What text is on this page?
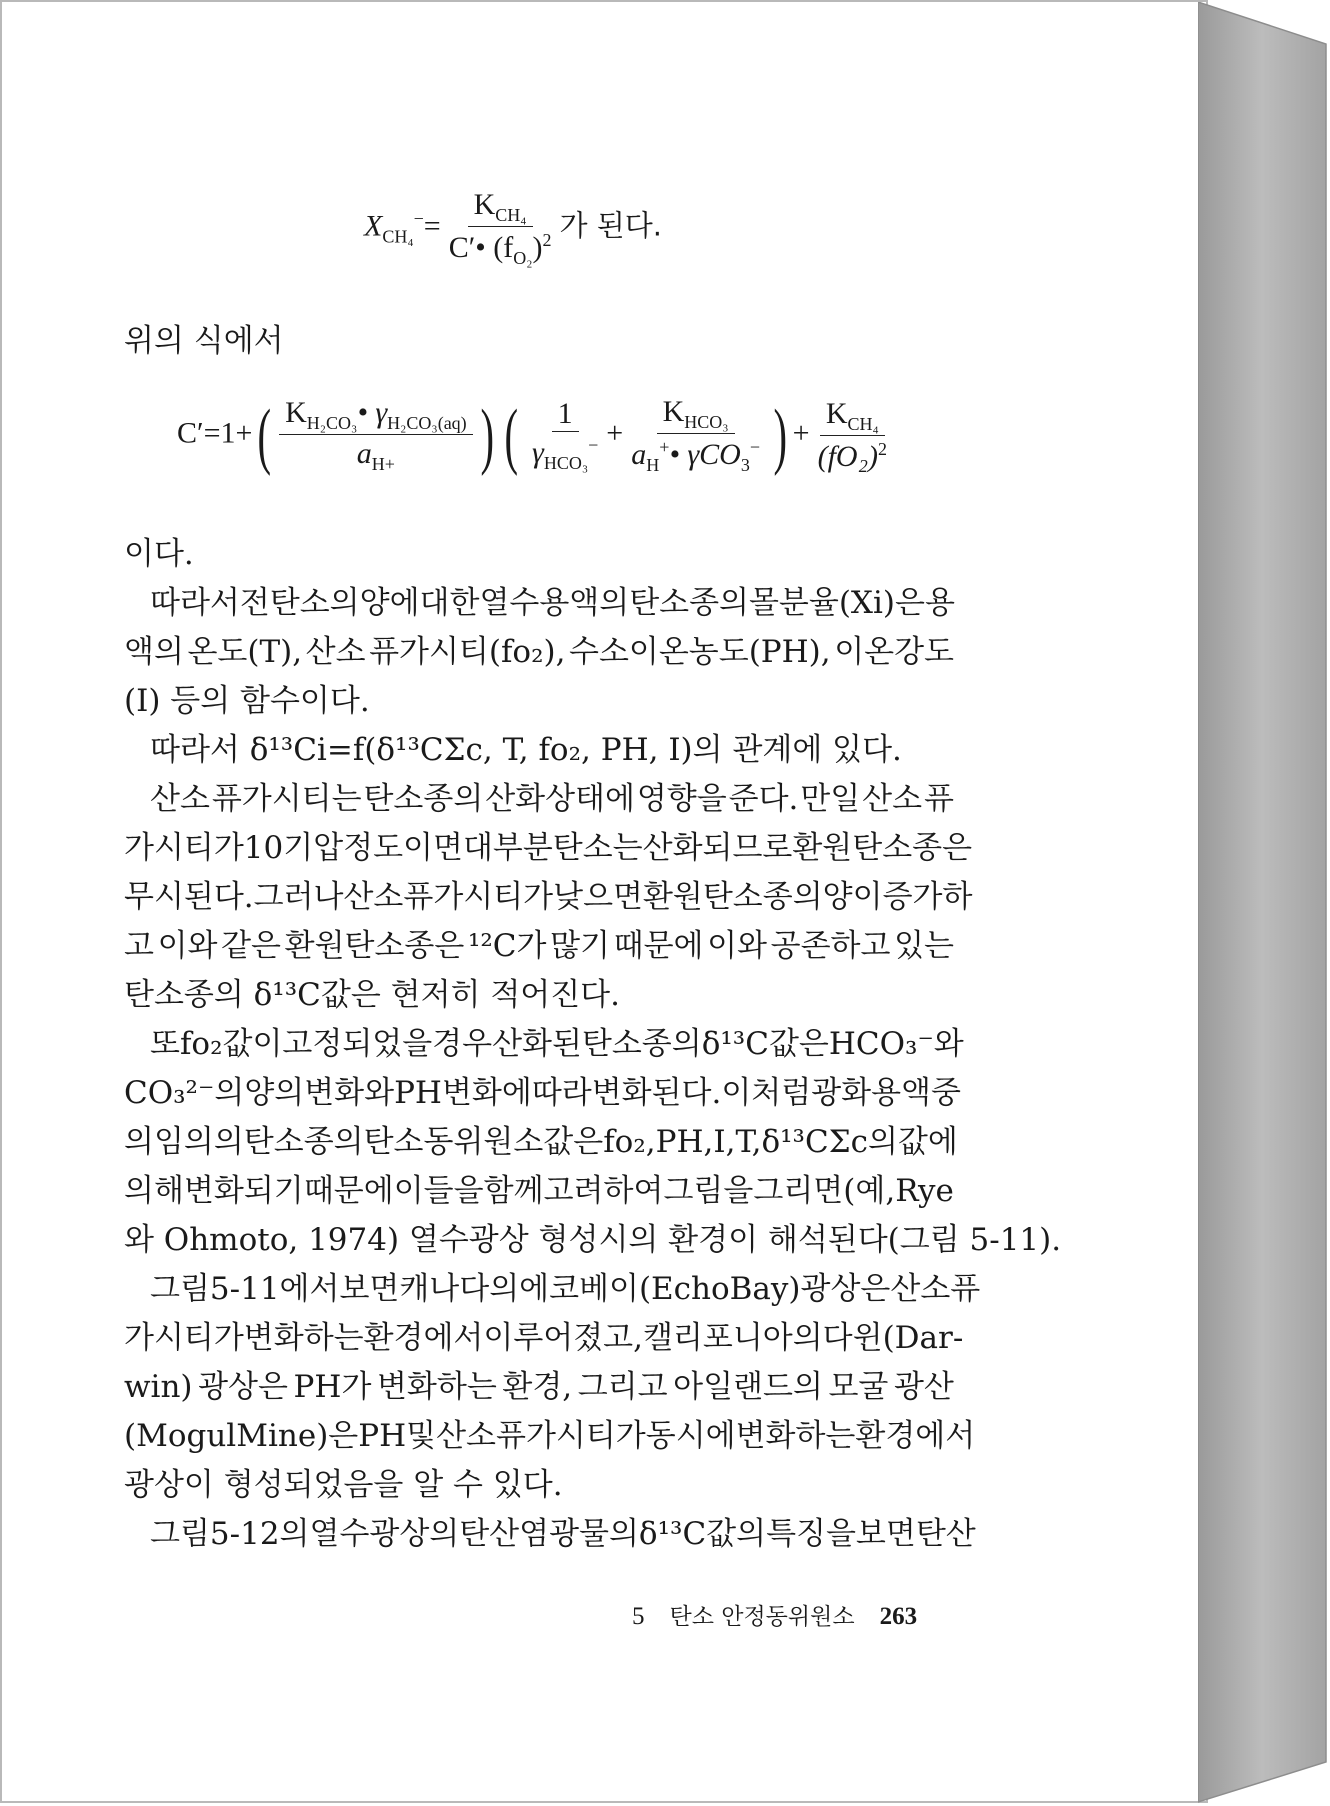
$X_{CH_4}^-= \frac{K_{CH_4}}{C'• (f_{O_2})^2}$ 가 된다.
$C'=1+( \frac{K_{H_2CO_3}• \gamma_{H_2CO_3(aq)}}{a_{H+}}$ ) ( $\frac{1}{\gamma_{HCO_3}^-} + \frac{K_{HCO_3}}{a_H^+• \gamma CO_3^-}$ ) + $\frac{K_{CH_4}}{(fO_2)^2}$
위의 식에서
이다.
따라서 전탄소의 양에 대한 열수용액의 탄소종의 몰분율(Xi)은 용
액의 온도(T), 산소 퓨가시티(fo₂), 수소이온농도(PH), 이온강도
(I) 등의 함수이다.
따라서 δ¹³Ci=f(δ¹³CΣc, T, fo₂, PH, I)의 관계에 있다.
산소 퓨가시티는 탄소종의 산화상태에 영향을 준다. 만일 산소 퓨
가시티가 10기압 정도이면 대부분 탄소는 산화되므로 환원탄소종은
무시된다. 그러나 산소 퓨가시티가 낮으면 환원탄소종의 양이 증가하
고 이와 같은 환원탄소종은 ¹²C가 많기 때문에 이와 공존하고 있는
탄소종의 δ¹³C값은 현저히 적어진다.
또 fo₂값이 고정되었을 경우 산화된 탄소종의 δ¹³C값은 HCO₃⁻와
CO₃²⁻의 양의 변화와 PH 변화에 따라 변화된다. 이처럼 광화용액 중
의 임의의 탄소종의 탄소 동위원소값은 fo₂, PH, I, T, δ¹³CΣc의 값에
의해 변화되기 때문에 이들을 함께 고려하여 그림을 그리면 (예, Rye
와 Ohmoto, 1974) 열수광상 형성시의 환경이 해석된다(그림 5-11).
그림 5-11에서 보면 캐나다의 에코베이(Echo Bay) 광상은 산소 퓨
가시티가 변화하는 환경에서 이루어졌고, 캘리포니아의 다윈(Dar-
win) 광상은 PH가 변화하는 환경, 그리고 아일랜드의 모굴 광산
(Mogul Mine)은 PH 및 산소 퓨가시티가 동시에 변화하는 환경에서
광상이 형성되었음을 알 수 있다.
그림 5-12의 열수광상의 탄산염광물의 δ¹³C값의 특징을 보면 탄산
5 탄소 안정동위원소 263
